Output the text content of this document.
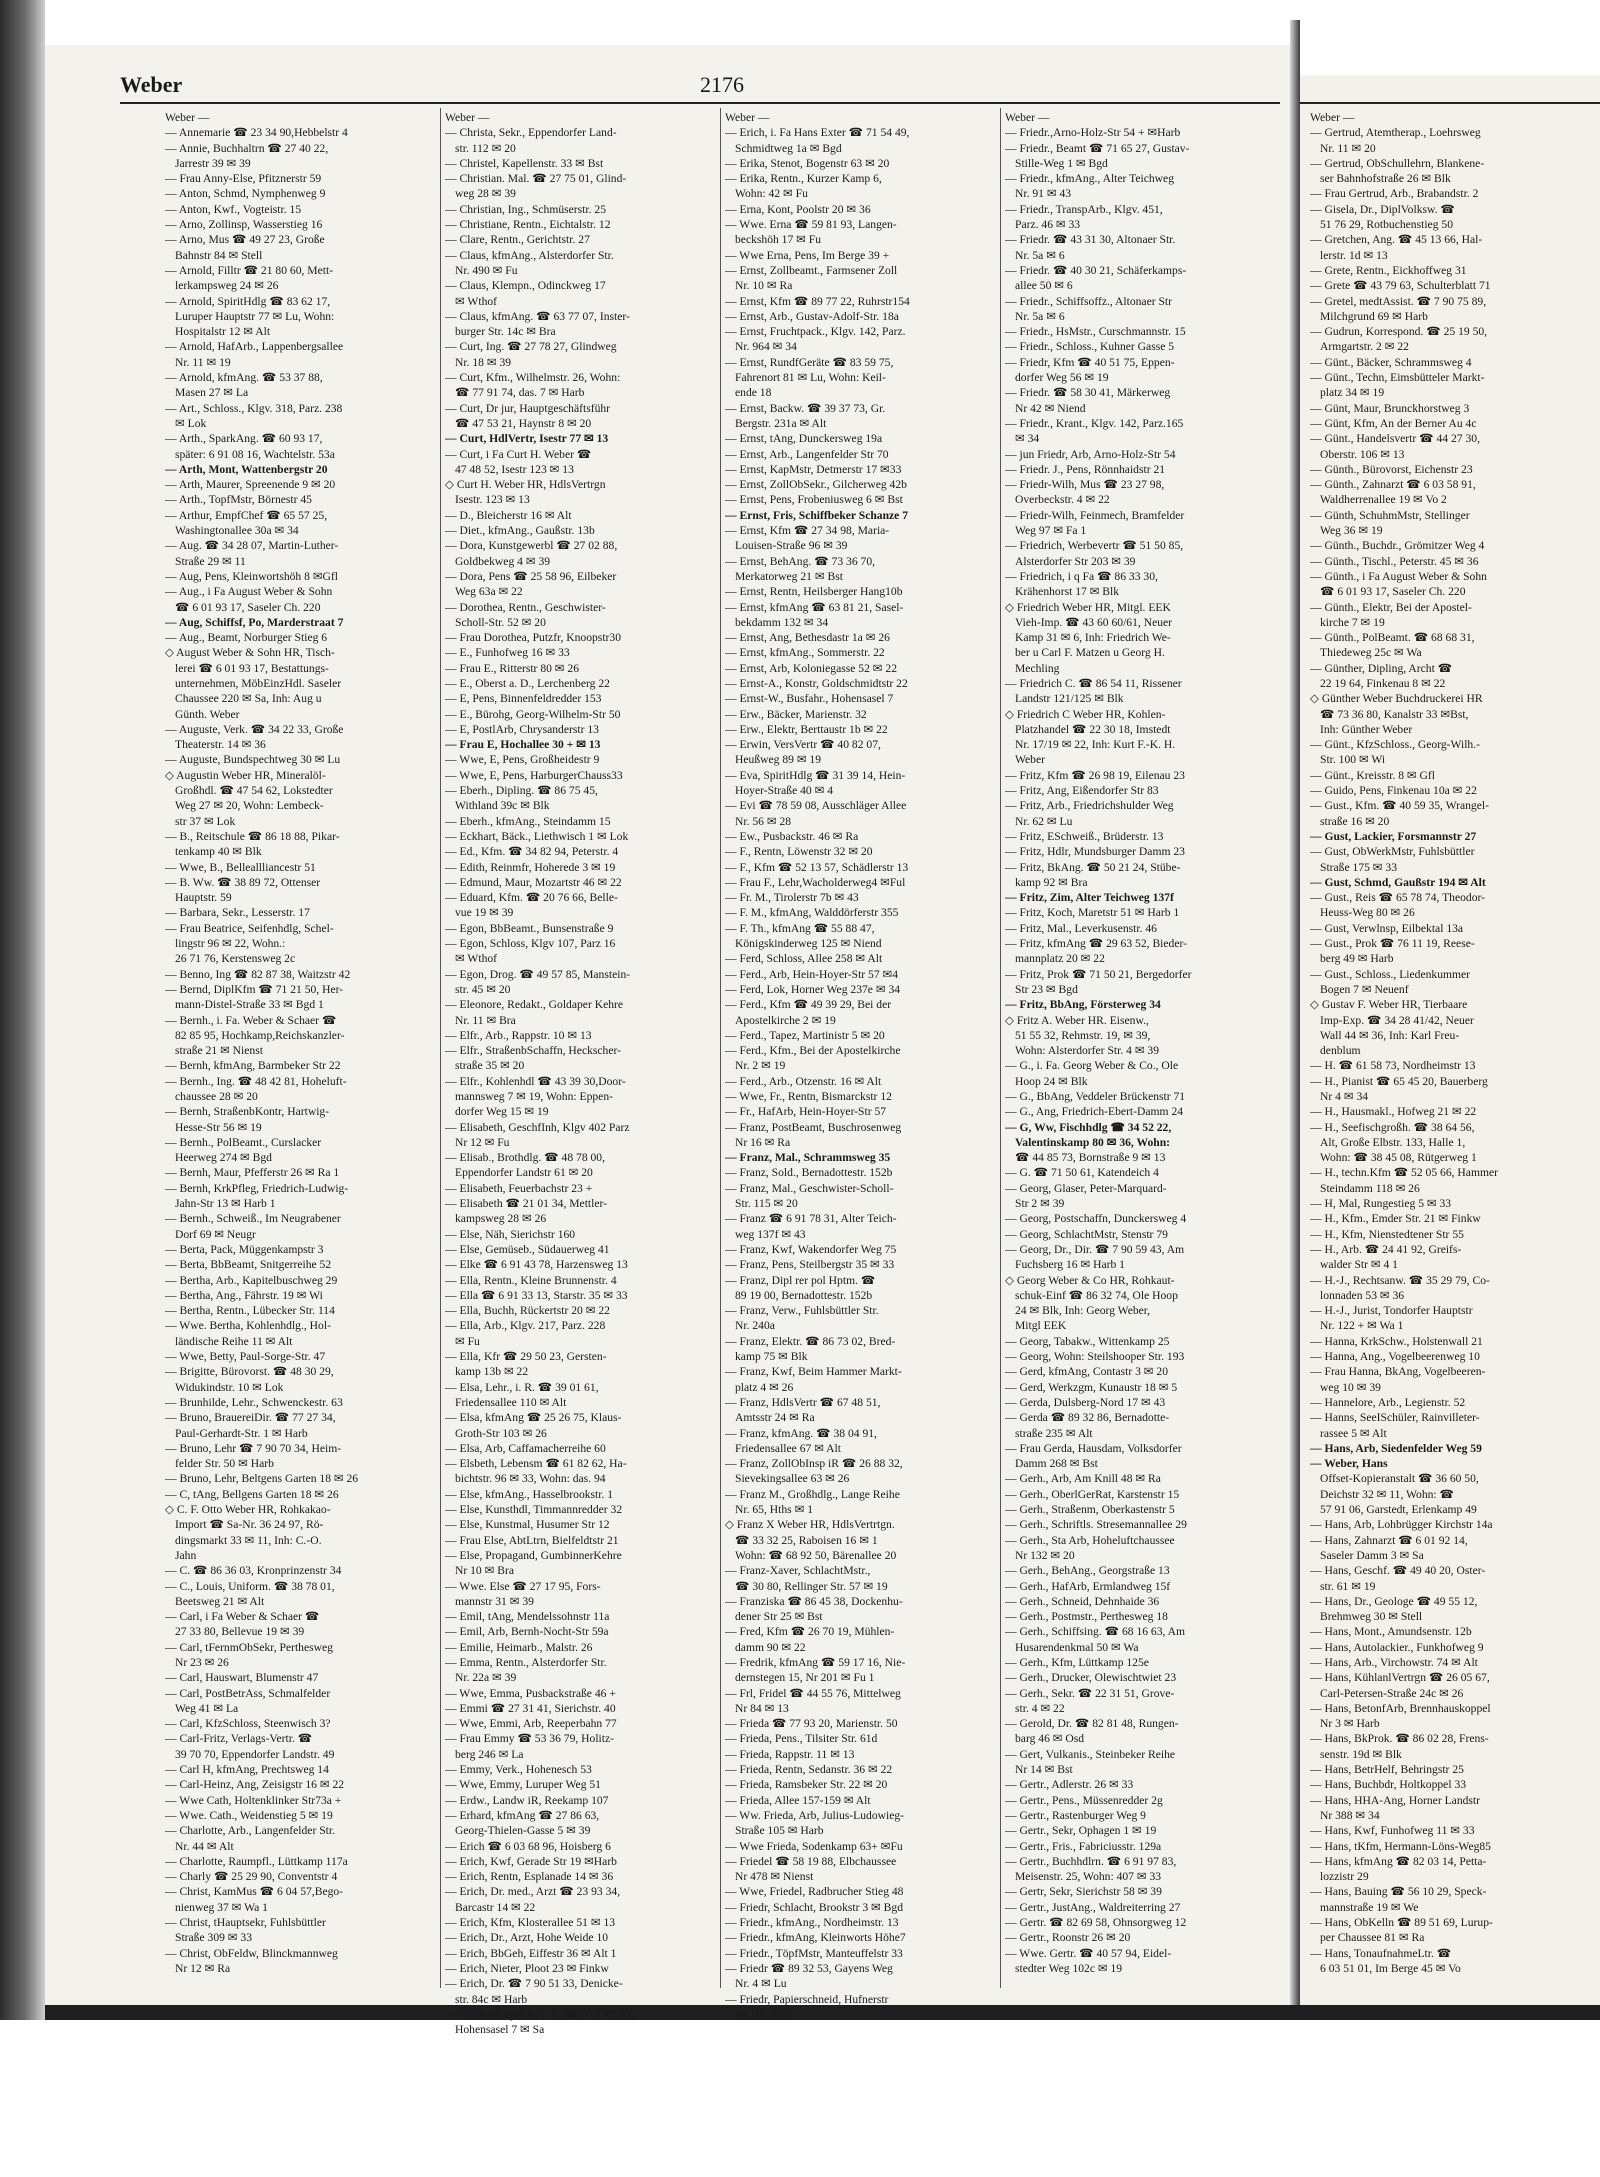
Weber	2176
Weber —
— Annemarie ☎ 23 34 90,Hebbelstr 4
— Annie, Buchhaltrn ☎ 27 40 22,
Jarrestr 39 ✉ 39
— Frau Anny-Else, Pfitznerstr 59
— Anton, Schmd, Nymphenweg 9
— Anton, Kwf., Vogteistr. 15
— Arno, Zollinsp, Wasserstieg 16
— Arno, Mus ☎ 49 27 23, Große
Bahnstr 84 ✉ Stell
— Arnold, Filltr ☎ 21 80 60, Mett-
lerkampsweg 24 ✉ 26
— Arnold, SpiritHdlg ☎ 83 62 17,
Luruper Hauptstr 77 ✉ Lu, Wohn:
Hospitalstr 12 ✉ Alt
— Arnold, HafArb., Lappenbergsallee
Nr. 11 ✉ 19
— Arnold, kfmAng. ☎ 53 37 88,
Masen 27 ✉ La
— Art., Schloss., Klgv. 318, Parz. 238
✉ Lok
— Arth., SparkAng. ☎ 60 93 17,
später: 6 91 08 16, Wachtelstr. 53a
— Arth, Mont, Wattenbergstr 20
— Arth, Maurer, Spreenende 9 ✉ 20
— Arth., TopfMstr, Börnestr 45
— Arthur, EmpfChef ☎ 65 57 25,
Washingtonallee 30a ✉ 34
— Aug. ☎ 34 28 07, Martin-Luther-
Straße 29 ✉ 11
— Aug, Pens, Kleinwortshöh 8 ✉Gfl
— Aug., i Fa August Weber & Sohn
☎ 6 01 93 17, Saseler Ch. 220
— Aug, Schiffsf, Po, Marderstraat 7
— Aug., Beamt, Norburger Stieg 6
◇ August Weber & Sohn HR, Tisch-
lerei ☎ 6 01 93 17, Bestattungs-
unternehmen, MöbEinzHdl. Saseler
Chaussee 220 ✉ Sa, Inh: Aug u
Günth. Weber
— Auguste, Verk. ☎ 34 22 33, Große
Theaterstr. 14 ✉ 36
— Auguste, Bundspechtweg 30 ✉ Lu
◇ Augustin Weber HR, Mineralöl-
Großhdl. ☎ 47 54 62, Lokstedter
Weg 27 ✉ 20, Wohn: Lembeck-
str 37 ✉ Lok
— B., Reitschule ☎ 86 18 88, Pikar-
tenkamp 40 ✉ Blk
— Wwe, B., Belleallliancestr 51
— B. Ww. ☎ 38 89 72, Ottenser
Hauptstr. 59
— Barbara, Sekr., Lesserstr. 17
— Frau Beatrice, Seifenhdlg, Schel-
lingstr 96 ✉ 22, Wohn.:
26 71 76, Kerstensweg 2c
— Benno, Ing ☎ 82 87 38, Waitzstr 42
— Bernd, DiplKfm ☎ 71 21 50, Her-
mann-Distel-Straße 33 ✉ Bgd 1
— Bernh., i. Fa. Weber & Schaer ☎
82 85 95, Hochkamp,Reichskanzler-
straße 21 ✉ Nienst
— Bernh, kfmAng, Barmbeker Str 22
— Bernh., Ing. ☎ 48 42 81, Hoheluft-
chaussee 28 ✉ 20
— Bernh, StraßenbKontr, Hartwig-
Hesse-Str 56 ✉ 19
— Bernh., PolBeamt., Curslacker
Heerweg 274 ✉ Bgd
— Bernh, Maur, Pfefferstr 26 ✉ Ra 1
— Bernh, KrkPfleg, Friedrich-Ludwig-
Jahn-Str 13 ✉ Harb 1
— Bernh., Schweiß., Im Neugrabener
Dorf 69 ✉ Neugr
— Berta, Pack, Müggenkampstr 3
— Berta, BbBeamt, Snitgerreihe 52
— Bertha, Arb., Kapitelbuschweg 29
— Bertha, Ang., Fährstr. 19 ✉ Wi
— Bertha, Rentn., Lübecker Str. 114
— Wwe. Bertha, Kohlenhdlg., Hol-
ländische Reihe 11 ✉ Alt
— Wwe, Betty, Paul-Sorge-Str. 47
— Brigitte, Bürovorst. ☎ 48 30 29,
Widukindstr. 10 ✉ Lok
— Brunhilde, Lehr., Schwenckestr. 63
— Bruno, BrauereiDir. ☎ 77 27 34,
Paul-Gerhardt-Str. 1 ✉ Harb
— Bruno, Lehr ☎ 7 90 70 34, Heim-
felder Str. 50 ✉ Harb
— Bruno, Lehr, Beltgens Garten 18 ✉ 26
— C, tAng, Bellgens Garten 18 ✉ 26
◇ C. F. Otto Weber HR, Rohkakao-
Import ☎ Sa-Nr. 36 24 97, Rö-
dingsmarkt 33 ✉ 11, Inh: C.-O.
Jahn
— C. ☎ 86 36 03, Kronprinzenstr 34
— C., Louis, Uniform. ☎ 38 78 01,
Beetsweg 21 ✉ Alt
— Carl, i Fa Weber & Schaer ☎
27 33 80, Bellevue 19 ✉ 39
— Carl, tFernmObSekr, Perthesweg
Nr 23 ✉ 26
— Carl, Hauswart, Blumenstr 47
— Carl, PostBetrAss, Schmalfelder
Weg 41 ✉ La
— Carl, KfzSchloss, Steenwisch 3?
— Carl-Fritz, Verlags-Vertr. ☎
39 70 70, Eppendorfer Landstr. 49
— Carl H, kfmAng, Prechtsweg 14
— Carl-Heinz, Ang, Zeisigstr 16 ✉ 22
— Wwe Cath, Holtenklinker Str73a +
— Wwe. Cath., Weidenstieg 5 ✉ 19
— Charlotte, Arb., Langenfelder Str.
Nr. 44 ✉ Alt
— Charlotte, Raumpfl., Lüttkamp 117a
— Charly ☎ 25 29 90, Conventstr 4
— Christ, KamMus ☎ 6 04 57,Bego-
nienweg 37 ✉ Wa 1
— Christ, tHauptsekr, Fuhlsbüttler
Straße 309 ✉ 33
— Christ, ObFeldw, Blinckmannweg
Nr 12 ✉ Ra
Weber —
— Christa, Sekr., Eppendorfer Land-
str. 112 ✉ 20
— Christel, Kapellenstr. 33 ✉ Bst
— Christian. Mal. ☎ 27 75 01, Glind-
weg 28 ✉ 39
— Christian, Ing., Schmüserstr. 25
— Christiane, Rentn., Eichtalstr. 12
— Clare, Rentn., Gerichtstr. 27
— Claus, kfmAng., Alsterdorfer Str.
Nr. 490 ✉ Fu
— Claus, Klempn., Odinckweg 17
✉ Wthof
— Claus, kfmAng. ☎ 63 77 07, Inster-
burger Str. 14c ✉ Bra
— Curt, Ing. ☎ 27 78 27, Glindweg
Nr. 18 ✉ 39
— Curt, Kfm., Wilhelmstr. 26, Wohn:
☎ 77 91 74, das. 7 ✉ Harb
— Curt, Dr jur, Hauptgeschäftsführ
☎ 47 53 21, Haynstr 8 ✉ 20
— Curt, HdlVertr, Isestr 77 ✉ 13
— Curt, i Fa Curt H. Weber ☎
47 48 52, Isestr 123 ✉ 13
◇ Curt H. Weber HR, HdlsVertrgn
Isestr. 123 ✉ 13
— D., Bleicherstr 16 ✉ Alt
— Diet., kfmAng., Gaußstr. 13b
— Dora, Kunstgewerbl ☎ 27 02 88,
Goldbekweg 4 ✉ 39
— Dora, Pens ☎ 25 58 96, Eilbeker
Weg 63a ✉ 22
— Dorothea, Rentn., Geschwister-
Scholl-Str. 52 ✉ 20
— Frau Dorothea, Putzfr, Knoopstr30
— E., Funhofweg 16 ✉ 33
— Frau E., Ritterstr 80 ✉ 26
— E., Oberst a. D., Lerchenberg 22
— E, Pens, Binnenfeldredder 153
— E., Bürohg, Georg-Wilhelm-Str 50
— E, PostlArb, Chrysanderstr 13
— Frau E, Hochallee 30 + ✉ 13
— Wwe, E, Pens, Großheidestr 9
— Wwe, E, Pens, HarburgerChauss33
— Eberh., Dipling. ☎ 86 75 45,
Withland 39c ✉ Blk
— Eberh., kfmAng., Steindamm 15
— Eckhart, Bäck., Liethwisch 1 ✉ Lok
— Ed., Kfm. ☎ 34 82 94, Peterstr. 4
— Edith, Reinmfr, Hoherede 3 ✉ 19
— Edmund, Maur, Mozartstr 46 ✉ 22
— Eduard, Kfm. ☎ 20 76 66, Belle-
vue 19 ✉ 39
— Egon, BbBeamt., Bunsenstraße 9
— Egon, Schloss, Klgv 107, Parz 16
✉ Wthof
— Egon, Drog. ☎ 49 57 85, Manstein-
str. 45 ✉ 20
— Eleonore, Redakt., Goldaper Kehre
Nr. 11 ✉ Bra
— Elfr., Arb., Rappstr. 10 ✉ 13
— Elfr., StraßenbSchaffn, Heckscher-
straße 35 ✉ 20
— Elfr., Kohlenhdl ☎ 43 39 30,Door-
mannsweg 7 ✉ 19, Wohn: Eppen-
dorfer Weg 15 ✉ 19
— Elisabeth, GeschfInh, Klgv 402 Parz
Nr 12 ✉ Fu
— Elisab., Brothdlg. ☎ 48 78 00,
Eppendorfer Landstr 61 ✉ 20
— Elisabeth, Feuerbachstr 23 +
— Elisabeth ☎ 21 01 34, Mettler-
kampsweg 28 ✉ 26
— Else, Näh, Sierichstr 160
— Else, Gemüseb., Südauerweg 41
— Elke ☎ 6 91 43 78, Harzensweg 13
— Ella, Rentn., Kleine Brunnenstr. 4
— Ella ☎ 6 91 33 13, Starstr. 35 ✉ 33
— Ella, Buchh, Rückertstr 20 ✉ 22
— Ella, Arb., Klgv. 217, Parz. 228
✉ Fu
— Ella, Kfr ☎ 29 50 23, Gersten-
kamp 13b ✉ 22
— Elsa, Lehr., i. R. ☎ 39 01 61,
Friedensallee 110 ✉ Alt
— Elsa, kfmAng ☎ 25 26 75, Klaus-
Groth-Str 103 ✉ 26
— Elsa, Arb, Caffamacherreihe 60
— Elsbeth, Lebensm ☎ 61 82 62, Ha-
bichtstr. 96 ✉ 33, Wohn: das. 94
— Else, kfmAng., Hasselbrookstr. 1
— Else, Kunsthdl, Timmannredder 32
— Else, Kunstmal, Husumer Str 12
— Frau Else, AbtLtrn, Bielfeldtstr 21
— Else, Propagand, GumbinnerKehre
Nr 10 ✉ Bra
— Wwe. Else ☎ 27 17 95, Fors-
mannstr 31 ✉ 39
— Emil, tAng, Mendelssohnstr 11a
— Emil, Arb, Bernh-Nocht-Str 59a
— Emilie, Heimarb., Malstr. 26
— Emma, Rentn., Alsterdorfer Str.
Nr. 22a ✉ 39
— Wwe, Emma, Pusbackstraße 46 +
— Emmi ☎ 27 31 41, Sierichstr. 40
— Wwe, Emmi, Arb, Reeperbahn 77
— Frau Emmy ☎ 53 36 79, Holitz-
berg 246 ✉ La
— Emmy, Verk., Hohenesch 53
— Wwe, Emmy, Luruper Weg 51
— Erdw., Landw iR, Reekamp 107
— Erhard, kfmAng ☎ 27 86 63,
Georg-Thielen-Gasse 5 ✉ 39
— Erich ☎ 6 03 68 96, Hoisberg 6
— Erich, Kwf, Gerade Str 19 ✉Harb
— Erich, Rentn, Esplanade 14 ✉ 36
— Erich, Dr. med., Arzt ☎ 23 93 34,
Barcastr 14 ✉ 22
— Erich, Kfm, Klosterallee 51 ✉ 13
— Erich, Dr., Arzt, Hohe Weide 10
— Erich, BbGeh, Eiffestr 36 ✉ Alt 1
— Erich, Nieter, Ploot 23 ✉ Finkw
— Erich, Dr. ☎ 7 90 51 33, Denicke-
str. 84c ✉ Harb
— Erich, Hauptlehr. i. R. ☎ 6 01 67 92,
Hohensasel 7 ✉ Sa
Weber —
— Erich, i. Fa Hans Exter ☎ 71 54 49,
Schmidtweg 1a ✉ Bgd
— Erika, Stenot, Bogenstr 63 ✉ 20
— Erika, Rentn., Kurzer Kamp 6,
Wohn: 42 ✉ Fu
— Erna, Kont, Poolstr 20 ✉ 36
— Wwe. Erna ☎ 59 81 93, Langen-
beckshöh 17 ✉ Fu
— Wwe Erna, Pens, Im Berge 39 +
— Ernst, Zollbeamt., Farmsener Zoll
Nr. 10 ✉ Ra
— Ernst, Kfm ☎ 89 77 22, Ruhrstr154
— Ernst, Arb., Gustav-Adolf-Str. 18a
— Ernst, Fruchtpack., Klgv. 142, Parz.
Nr. 964 ✉ 34
— Ernst, RundfGeräte ☎ 83 59 75,
Fahrenort 81 ✉ Lu, Wohn: Keil-
ende 18
— Ernst, Backw. ☎ 39 37 73, Gr.
Bergstr. 231a ✉ Alt
— Ernst, tAng, Dunckersweg 19a
— Ernst, Arb., Langenfelder Str 70
— Ernst, KapMstr, Detmerstr 17 ✉33
— Ernst, ZollObSekr., Gilcherweg 42b
— Ernst, Pens, Frobeniusweg 6 ✉ Bst
— Ernst, Fris, Schiffbeker Schanze 7
— Ernst, Kfm ☎ 27 34 98, Maria-
Louisen-Straße 96 ✉ 39
— Ernst, BehAng. ☎ 73 36 70,
Merkatorweg 21 ✉ Bst
— Ernst, Rentn, Heilsberger Hang10b
— Ernst, kfmAng ☎ 63 81 21, Sasel-
bekdamm 132 ✉ 34
— Ernst, Ang, Bethesdastr 1a ✉ 26
— Ernst, kfmAng., Sommerstr. 22
— Ernst, Arb, Koloniegasse 52 ✉ 22
— Ernst-A., Konstr, Goldschmidtstr 22
— Ernst-W., Busfahr., Hohensasel 7
— Erw., Bäcker, Marienstr. 32
— Erw., Elektr, Berttaustr 1b ✉ 22
— Erwin, VersVertr ☎ 40 82 07,
Heußweg 89 ✉ 19
— Eva, SpiritHdlg ☎ 31 39 14, Hein-
Hoyer-Straße 40 ✉ 4
— Evi ☎ 78 59 08, Ausschläger Allee
Nr. 56 ✉ 28
— Ew., Pusbackstr. 46 ✉ Ra
— F., Rentn, Löwenstr 32 ✉ 20
— F., Kfm ☎ 52 13 57, Schädlerstr 13
— Frau F., Lehr,Wacholderweg4 ✉Ful
— Fr. M., Tirolerstr 7b ✉ 43
— F. M., kfmAng, Walddörferstr 355
— F. Th., kfmAng ☎ 55 88 47,
Königskinderweg 125 ✉ Niend
— Ferd, Schloss, Allee 258 ✉ Alt
— Ferd., Arb, Hein-Hoyer-Str 57 ✉4
— Ferd, Lok, Horner Weg 237e ✉ 34
— Ferd., Kfm ☎ 49 39 29, Bei der
Apostelkirche 2 ✉ 19
— Ferd., Tapez, Martinistr 5 ✉ 20
— Ferd., Kfm., Bei der Apostelkirche
Nr. 2 ✉ 19
— Ferd., Arb., Otzenstr. 16 ✉ Alt
— Wwe, Fr., Rentn, Bismarckstr 12
— Fr., HafArb, Hein-Hoyer-Str 57
— Franz, PostBeamt, Buschrosenweg
Nr 16 ✉ Ra
— Franz, Mal., Schrammsweg 35
— Franz, Sold., Bernadottestr. 152b
— Franz, Mal., Geschwister-Scholl-
Str. 115 ✉ 20
— Franz ☎ 6 91 78 31, Alter Teich-
weg 137f ✉ 43
— Franz, Kwf, Wakendorfer Weg 75
— Franz, Pens, Steilbergstr 35 ✉ 33
— Franz, Dipl rer pol Hptm. ☎
89 19 00, Bernadottestr. 152b
— Franz, Verw., Fuhlsbüttler Str.
Nr. 240a
— Franz, Elektr. ☎ 86 73 02, Bred-
kamp 75 ✉ Blk
— Franz, Kwf, Beim Hammer Markt-
platz 4 ✉ 26
— Franz, HdlsVertr ☎ 67 48 51,
Amtsstr 24 ✉ Ra
— Franz, kfmAng. ☎ 38 04 91,
Friedensallee 67 ✉ Alt
— Franz, ZollObInsp iR ☎ 26 88 32,
Sievekingsallee 63 ✉ 26
— Franz M., Großhdlg., Lange Reihe
Nr. 65, Hths ✉ 1
◇ Franz X Weber HR, HdlsVertrtgn.
☎ 33 32 25, Raboisen 16 ✉ 1
Wohn: ☎ 68 92 50, Bärenallee 20
— Franz-Xaver, SchlachtMstr.,
☎ 30 80, Rellinger Str. 57 ✉ 19
— Franziska ☎ 86 45 38, Dockenhu-
dener Str 25 ✉ Bst
— Fred, Kfm ☎ 26 70 19, Mühlen-
damm 90 ✉ 22
— Fredrik, kfmAng ☎ 59 17 16, Nie-
dernstegen 15, Nr 201 ✉ Fu 1
— Frl, Fridel ☎ 44 55 76, Mittelweg
Nr 84 ✉ 13
— Frieda ☎ 77 93 20, Marienstr. 50
— Frieda, Pens., Tilsiter Str. 61d
— Frieda, Rappstr. 11 ✉ 13
— Frieda, Rentn, Sedanstr. 36 ✉ 22
— Frieda, Ramsbeker Str. 22 ✉ 20
— Frieda, Allee 157-159 ✉ Alt
— Ww. Frieda, Arb, Julius-Ludowieg-
Straße 105 ✉ Harb
— Wwe Frieda, Sodenkamp 63+ ✉Fu
— Friedel ☎ 58 19 88, Elbchaussee
Nr 478 ✉ Nienst
— Wwe, Friedel, Radbrucher Stieg 48
— Friedr, Schlacht, Brookstr 3 ✉ Bgd
— Friedr., kfmAng., Nordheimstr. 13
— Friedr., kfmAng, Kleinworts Höhe7
— Friedr., TöpfMstr, Manteuffelstr 33
— Friedr ☎ 89 32 53, Gayens Weg
Nr. 4 ✉ Lu
— Friedr, Papierschneid, Hufnerstr
Nr 16a ✉ 33
Weber —
— Friedr.,Arno-Holz-Str 54 + ✉Harb
— Friedr., Beamt ☎ 71 65 27, Gustav-
Stille-Weg 1 ✉ Bgd
— Friedr., kfmAng., Alter Teichweg
Nr. 91 ✉ 43
— Friedr., TranspArb., Klgv. 451,
Parz. 46 ✉ 33
— Friedr. ☎ 43 31 30, Altonaer Str.
Nr. 5a ✉ 6
— Friedr. ☎ 40 30 21, Schäferkamps-
allee 50 ✉ 6
— Friedr., Schiffsoffz., Altonaer Str
Nr. 5a ✉ 6
— Friedr., HsMstr., Curschmannstr. 15
— Friedr., Schloss., Kuhner Gasse 5
— Friedr, Kfm ☎ 40 51 75, Eppen-
dorfer Weg 56 ✉ 19
— Friedr. ☎ 58 30 41, Märkerweg
Nr 42 ✉ Niend
— Friedr., Krant., Klgv. 142, Parz.165
✉ 34
— jun Friedr, Arb, Arno-Holz-Str 54
— Friedr. J., Pens, Rönnhaidstr 21
— Friedr-Wilh, Mus ☎ 23 27 98,
Overbeckstr. 4 ✉ 22
— Friedr-Wilh, Feinmech, Bramfelder
Weg 97 ✉ Fa 1
— Friedrich, Werbevertr ☎ 51 50 85,
Alsterdorfer Str 203 ✉ 39
— Friedrich, i q Fa ☎ 86 33 30,
Krähenhorst 17 ✉ Blk
◇ Friedrich Weber HR, Mitgl. EEK
Vieh-Imp. ☎ 43 60 60/61, Neuer
Kamp 31 ✉ 6, Inh: Friedrich We-
ber u Carl F. Matzen u Georg H.
Mechling
— Friedrich C. ☎ 86 54 11, Rissener
Landstr 121/125 ✉ Blk
◇ Friedrich C Weber HR, Kohlen-
Platzhandel ☎ 22 30 18, Imstedt
Nr. 17/19 ✉ 22, Inh: Kurt F.-K. H.
Weber
— Fritz, Kfm ☎ 26 98 19, Eilenau 23
— Fritz, Ang, Eißendorfer Str 83
— Fritz, Arb., Friedrichshulder Weg
Nr. 62 ✉ Lu
— Fritz, ESchweiß., Brüderstr. 13
— Fritz, Hdlr, Mundsburger Damm 23
— Fritz, BkAng. ☎ 50 21 24, Stübe-
kamp 92 ✉ Bra
— Fritz, Zim, Alter Teichweg 137f
— Fritz, Koch, Maretstr 51 ✉ Harb 1
— Fritz, Mal., Leverkusenstr. 46
— Fritz, kfmAng ☎ 29 63 52, Bieder-
mannplatz 20 ✉ 22
— Fritz, Prok ☎ 71 50 21, Bergedorfer
Str 23 ✉ Bgd
— Fritz, BbAng, Försterweg 34
◇ Fritz A. Weber HR. Eisenw.,
51 55 32, Rehmstr. 19, ✉ 39,
Wohn: Alsterdorfer Str. 4 ✉ 39
— G., i. Fa. Georg Weber & Co., Ole
Hoop 24 ✉ Blk
— G., BbAng, Veddeler Brückenstr 71
— G., Ang, Friedrich-Ebert-Damm 24
— G, Ww, Fischhdlg ☎ 34 52 22,
Valentinskamp 80 ✉ 36, Wohn:
☎ 44 85 73, Bornstraße 9 ✉ 13
— G. ☎ 71 50 61, Katendeich 4
— Georg, Glaser, Peter-Marquard-
Str 2 ✉ 39
— Georg, Postschaffn, Dunckersweg 4
— Georg, SchlachtMstr, Stenstr 79
— Georg, Dr., Dir. ☎ 7 90 59 43, Am
Fuchsberg 16 ✉ Harb 1
◇ Georg Weber & Co HR, Rohkaut-
schuk-Einf ☎ 86 32 74, Ole Hoop
24 ✉ Blk, Inh: Georg Weber,
Mitgl EEK
— Georg, Tabakw., Wittenkamp 25
— Georg, Wohn: Steilshooper Str. 193
— Gerd, kfmAng, Contastr 3 ✉ 20
— Gerd, Werkzgm, Kunaustr 18 ✉ 5
— Gerda, Dulsberg-Nord 17 ✉ 43
— Gerda ☎ 89 32 86, Bernadotte-
straße 235 ✉ Alt
— Frau Gerda, Hausdam, Volksdorfer
Damm 268 ✉ Bst
— Gerh., Arb, Am Knill 48 ✉ Ra
— Gerh., OberlGerRat, Karstenstr 15
— Gerh., Straßenm, Oberkastenstr 5
— Gerh., Schriftls. Stresemannallee 29
— Gerh., Sta Arb, Hoheluftchaussee
Nr 132 ✉ 20
— Gerh., BehAng., Georgstraße 13
— Gerh., HafArb, Ermlandweg 15f
— Gerh., Schneid, Dehnhaide 36
— Gerh., Postmstr., Perthesweg 18
— Gerh., Schiffsing. ☎ 68 16 63, Am
Husarendenkmal 50 ✉ Wa
— Gerh., Kfm, Lüttkamp 125e
— Gerh., Drucker, Olewischtwiet 23
— Gerh., Sekr. ☎ 22 31 51, Grove-
str. 4 ✉ 22
— Gerold, Dr. ☎ 82 81 48, Rungen-
barg 46 ✉ Osd
— Gert, Vulkanis., Steinbeker Reihe
Nr 14 ✉ Bst
— Gertr., Adlerstr. 26 ✉ 33
— Gertr., Pens., Müssenredder 2g
— Gertr., Rastenburger Weg 9
— Gertr., Sekr, Ophagen 1 ✉ 19
— Gertr., Fris., Fabriciusstr. 129a
— Gertr., Buchhdlrn. ☎ 6 91 97 83,
Meisenstr. 25, Wohn: 407 ✉ 33
— Gertr, Sekr, Sierichstr 58 ✉ 39
— Gertr., JustAng., Waldreiterring 27
— Gertr. ☎ 82 69 58, Ohnsorgweg 12
— Gertr., Roonstr 26 ✉ 20
— Wwe. Gertr. ☎ 40 57 94, Eidel-
stedter Weg 102c ✉ 19
Weber —
— Gertrud, Atemtherap., Loehrsweg
Nr. 11 ✉ 20
— Gertrud, ObSchullehrn, Blankene-
ser Bahnhofstraße 26 ✉ Blk
— Frau Gertrud, Arb., Brabandstr. 2
— Gisela, Dr., DiplVolksw. ☎
51 76 29, Rotbuchenstieg 50
— Gretchen, Ang. ☎ 45 13 66, Hal-
lerstr. 1d ✉ 13
— Grete, Rentn., Eickhoffweg 31
— Grete ☎ 43 79 63, Schulterblatt 71
— Gretel, medtAssist. ☎ 7 90 75 89,
Milchgrund 69 ✉ Harb
— Gudrun, Korrespond. ☎ 25 19 50,
Armgartstr. 2 ✉ 22
— Günt., Bäcker, Schrammsweg 4
— Günt., Techn, Eimsbütteler Markt-
platz 34 ✉ 19
— Günt, Maur, Brunckhorstweg 3
— Günt, Kfm, An der Berner Au 4c
— Günt., Handelsvertr ☎ 44 27 30,
Oberstr. 106 ✉ 13
— Günth., Bürovorst, Eichenstr 23
— Günth., Zahnarzt ☎ 6 03 58 91,
Waldherrenallee 19 ✉ Vo 2
— Günth, SchuhmMstr, Stellinger
Weg 36 ✉ 19
— Günth., Buchdr., Grömitzer Weg 4
— Günth., Tischl., Peterstr. 45 ✉ 36
— Günth., i Fa August Weber & Sohn
☎ 6 01 93 17, Saseler Ch. 220
— Günth., Elektr, Bei der Apostel-
kirche 7 ✉ 19
— Günth., PolBeamt. ☎ 68 68 31,
Thiedeweg 25c ✉ Wa
— Günther, Dipling, Archt ☎
22 19 64, Finkenau 8 ✉ 22
◇ Günther Weber Buchdruckerei HR
☎ 73 36 80, Kanalstr 33 ✉Bst,
Inh: Günther Weber
— Günt., KfzSchloss., Georg-Wilh.-
Str. 100 ✉ Wi
— Günt., Kreisstr. 8 ✉ Gfl
— Guido, Pens, Finkenau 10a ✉ 22
— Gust., Kfm. ☎ 40 59 35, Wrangel-
straße 16 ✉ 20
— Gust, Lackier, Forsmannstr 27
— Gust, ObWerkMstr, Fuhlsbüttler
Straße 175 ✉ 33
— Gust, Schmd, Gaußstr 194 ✉ Alt
— Gust., Reis ☎ 65 78 74, Theodor-
Heuss-Weg 80 ✉ 26
— Gust, Verwlnsp, Eilbektal 13a
— Gust., Prok ☎ 76 11 19, Reese-
berg 49 ✉ Harb
— Gust., Schloss., Liedenkummer
Bogen 7 ✉ Neuenf
◇ Gustav F. Weber HR, Tierbaare
Imp-Exp. ☎ 34 28 41/42, Neuer
Wall 44 ✉ 36, Inh: Karl Freu-
denblum
— H. ☎ 61 58 73, Nordheimstr 13
— H., Pianist ☎ 65 45 20, Bauerberg
Nr 4 ✉ 34
— H., Hausmakl., Hofweg 21 ✉ 22
— H., Seefischgroßh. ☎ 38 64 56,
Alt, Große Elbstr. 133, Halle 1,
Wohn: ☎ 38 45 08, Rütgerweg 1
— H., techn.Kfm ☎ 52 05 66, Hammer
Steindamm 118 ✉ 26
— H, Mal, Rungestieg 5 ✉ 33
— H., Kfm., Emder Str. 21 ✉ Finkw
— H., Kfm, Nienstedtener Str 55
— H., Arb. ☎ 24 41 92, Greifs-
walder Str ✉ 4 1
— H.-J., Rechtsanw. ☎ 35 29 79, Co-
lonnaden 53 ✉ 36
— H.-J., Jurist, Tondorfer Hauptstr
Nr. 122 + ✉ Wa 1
— Hanna, KrkSchw., Holstenwall 21
— Hanna, Ang., Vogelbeerenweg 10
— Frau Hanna, BkAng, Vogelbeeren-
weg 10 ✉ 39
— Hannelore, Arb., Legienstr. 52
— Hanns, SeeISchüler, Rainvilleter-
rassee 5 ✉ Alt
— Hans, Arb, Siedenfelder Weg 59
— Weber, Hans
Offset-Kopieranstalt ☎ 36 60 50,
Deichstr 32 ✉ 11, Wohn: ☎
57 91 06, Garstedt, Erlenkamp 49
— Hans, Arb, Lohbrügger Kirchstr 14a
— Hans, Zahnarzt ☎ 6 01 92 14,
Saseler Damm 3 ✉ Sa
— Hans, Geschf. ☎ 49 40 20, Oster-
str. 61 ✉ 19
— Hans, Dr., Geologe ☎ 49 55 12,
Brehmweg 30 ✉ Stell
— Hans, Mont., Amundsenstr. 12b
— Hans, Autolackier., Funkhofweg 9
— Hans, Arb., Virchowstr. 74 ✉ Alt
— Hans, KühlanlVertrgn ☎ 26 05 67,
Carl-Petersen-Straße 24c ✉ 26
— Hans, BetonfArb, Brennhauskoppel
Nr 3 ✉ Harb
— Hans, BkProk. ☎ 86 02 28, Frens-
senstr. 19d ✉ Blk
— Hans, BetrHelf, Behringstr 25
— Hans, Buchbdr, Holtkoppel 33
— Hans, HHA-Ang, Horner Landstr
Nr 388 ✉ 34
— Hans, Kwf, Funhofweg 11 ✉ 33
— Hans, tKfm, Hermann-Löns-Weg85
— Hans, kfmAng ☎ 82 03 14, Petta-
lozzistr 29
— Hans, Bauing ☎ 56 10 29, Speck-
mannstraße 19 ✉ We
— Hans, ObKelln ☎ 89 51 69, Lurup-
per Chaussee 81 ✉ Ra
— Hans, TonaufnahmeLtr. ☎
6 03 51 01, Im Berge 45 ✉ Vo
